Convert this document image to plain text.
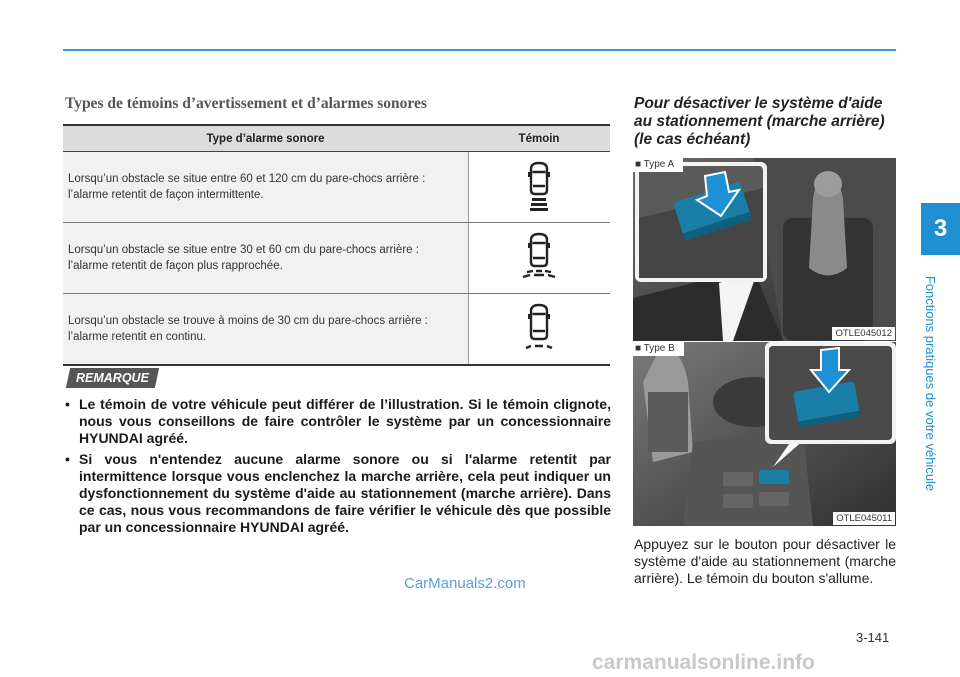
3
Fonctions pratiques de votre véhicule
Types de témoins d’avertissement et d’alarmes sonores
Type d’alarme sonore	Témoin
Lorsqu’un obstacle se situe entre 60 et 120 cm du pare-chocs arrière : l’alarme retentit de façon intermittente.	
Lorsqu’un obstacle se situe entre 30 et 60 cm du pare-chocs arrière : l’alarme retentit de façon plus rapprochée.	
Lorsqu’un obstacle se trouve à moins de 30 cm du pare-chocs arrière : l’alarme retentit en continu.	
REMARQUE
• Le témoin de votre véhicule peut différer de l’illustration. Si le témoin clignote, nous vous conseillons de faire contrôler le système par un concessionnaire HYUNDAI agréé.
• Si vous n'entendez aucune alarme sonore ou si l'alarme retentit par intermittence lorsque vous enclenchez la marche arrière, cela peut indiquer un dysfonctionnement du système d'aide au stationnement (marche arrière). Dans ce cas, nous vous recommandons de faire vérifier le véhicule dès que possible par un concessionnaire HYUNDAI agréé.
CarManuals2.com
Pour désactiver le système d'aide au stationnement (marche arrière) (le cas échéant)
■ Type A
OTLE045012
■ Type B
OTLE045011
Appuyez sur le bouton pour désactiver le système d'aide au stationnement (marche arrière). Le témoin du bouton s'allume.
3-141
carmanualsonline.info
